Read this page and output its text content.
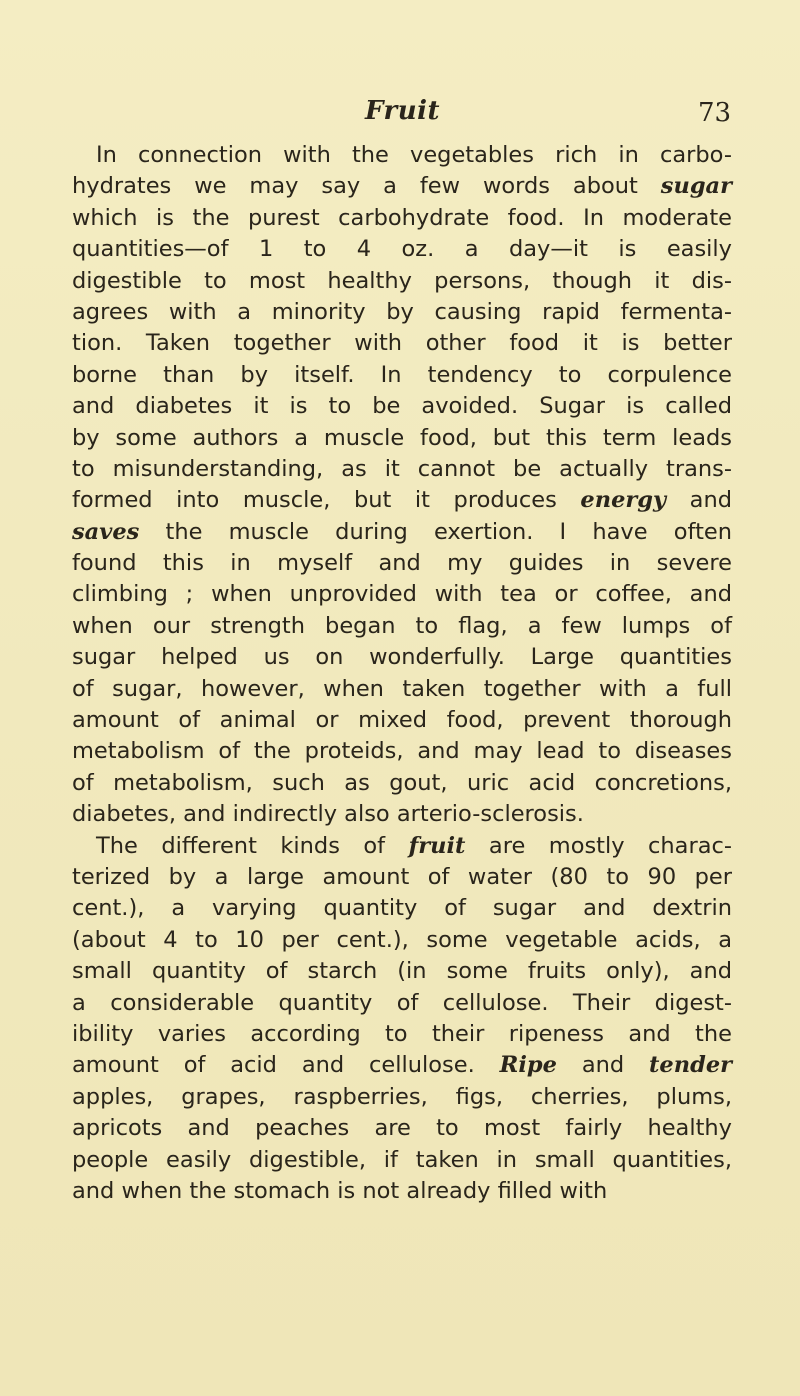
Fruit	73
In connection with the vegetables rich in carbo-
hydrates we may say a few words about sugar
which is the purest carbohydrate food. In moderate
quantities—of 1 to 4 oz. a day—it is easily
digestible to most healthy persons, though it dis-
agrees with a minority by causing rapid fermenta-
tion. Taken together with other food it is better
borne than by itself. In tendency to corpulence
and diabetes it is to be avoided. Sugar is called
by some authors a muscle food, but this term leads
to misunderstanding, as it cannot be actually trans-
formed into muscle, but it produces energy and
saves the muscle during exertion. I have often
found this in myself and my guides in severe
climbing ; when unprovided with tea or coffee, and
when our strength began to flag, a few lumps of
sugar helped us on wonderfully. Large quantities
of sugar, however, when taken together with a full
amount of animal or mixed food, prevent thorough
metabolism of the proteids, and may lead to diseases
of metabolism, such as gout, uric acid concretions,
diabetes, and indirectly also arterio-sclerosis.
The different kinds of fruit are mostly charac-
terized by a large amount of water (80 to 90 per
cent.), a varying quantity of sugar and dextrin
(about 4 to 10 per cent.), some vegetable acids, a
small quantity of starch (in some fruits only), and
a considerable quantity of cellulose. Their digest-
ibility varies according to their ripeness and the
amount of acid and cellulose. Ripe and tender
apples, grapes, raspberries, figs, cherries, plums,
apricots and peaches are to most fairly healthy
people easily digestible, if taken in small quantities,
and when the stomach is not already filled with
